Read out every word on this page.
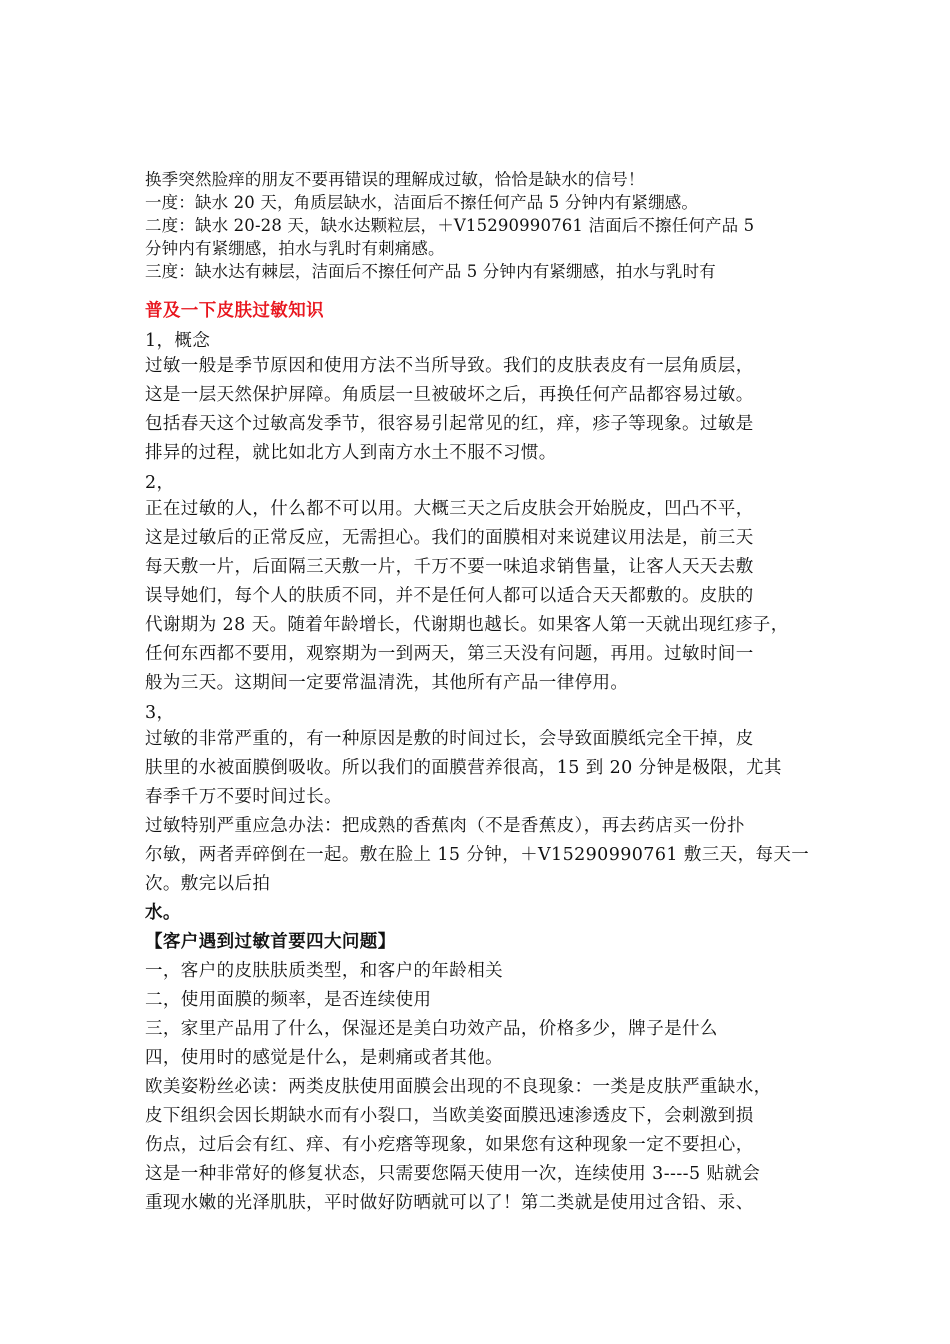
换季突然脸痒的朋友不要再错误的理解成过敏，恰恰是缺水的信号！
一度：缺水 20 天，角质层缺水，洁面后不擦任何产品 5 分钟内有紧绷感。
二度：缺水 20-28 天，缺水达颗粒层，＋V15290990761 洁面后不擦任何产品 5
分钟内有紧绷感，拍水与乳时有刺痛感。
三度：缺水达有棘层，洁面后不擦任何产品 5 分钟内有紧绷感，拍水与乳时有
普及一下皮肤过敏知识
1，概念
过敏一般是季节原因和使用方法不当所导致。我们的皮肤表皮有一层角质层，
这是一层天然保护屏障。角质层一旦被破坏之后，再换任何产品都容易过敏。
包括春天这个过敏高发季节，很容易引起常见的红，痒，疹子等现象。过敏是
排异的过程，就比如北方人到南方水土不服不习惯。
2，
正在过敏的人，什么都不可以用。大概三天之后皮肤会开始脱皮，凹凸不平，
这是过敏后的正常反应，无需担心。我们的面膜相对来说建议用法是，前三天
每天敷一片，后面隔三天敷一片，千万不要一味追求销售量，让客人天天去敷
误导她们，每个人的肤质不同，并不是任何人都可以适合天天都敷的。皮肤的
代谢期为 28 天。随着年龄增长，代谢期也越长。如果客人第一天就出现红疹子，
任何东西都不要用，观察期为一到两天，第三天没有问题，再用。过敏时间一
般为三天。这期间一定要常温清洗，其他所有产品一律停用。
3，
过敏的非常严重的，有一种原因是敷的时间过长，会导致面膜纸完全干掉，皮
肤里的水被面膜倒吸收。所以我们的面膜营养很高，15 到 20 分钟是极限，尤其
春季千万不要时间过长。
过敏特别严重应急办法：把成熟的香蕉肉（不是香蕉皮），再去药店买一份扑
尔敏，两者弄碎倒在一起。敷在脸上 15 分钟，＋V15290990761 敷三天，每天一
次。敷完以后拍
水。
【客户遇到过敏首要四大问题】
一，客户的皮肤肤质类型，和客户的年龄相关
二，使用面膜的频率，是否连续使用
三，家里产品用了什么，保湿还是美白功效产品，价格多少，牌子是什么
四，使用时的感觉是什么，是刺痛或者其他。
欧美姿粉丝必读：两类皮肤使用面膜会出现的不良现象：一类是皮肤严重缺水，
皮下组织会因长期缺水而有小裂口，当欧美姿面膜迅速渗透皮下，会刺激到损
伤点，过后会有红、痒、有小疙瘩等现象，如果您有这种现象一定不要担心，
这是一种非常好的修复状态，只需要您隔天使用一次，连续使用 3----5 贴就会
重现水嫩的光泽肌肤，平时做好防晒就可以了！第二类就是使用过含铅、汞、
